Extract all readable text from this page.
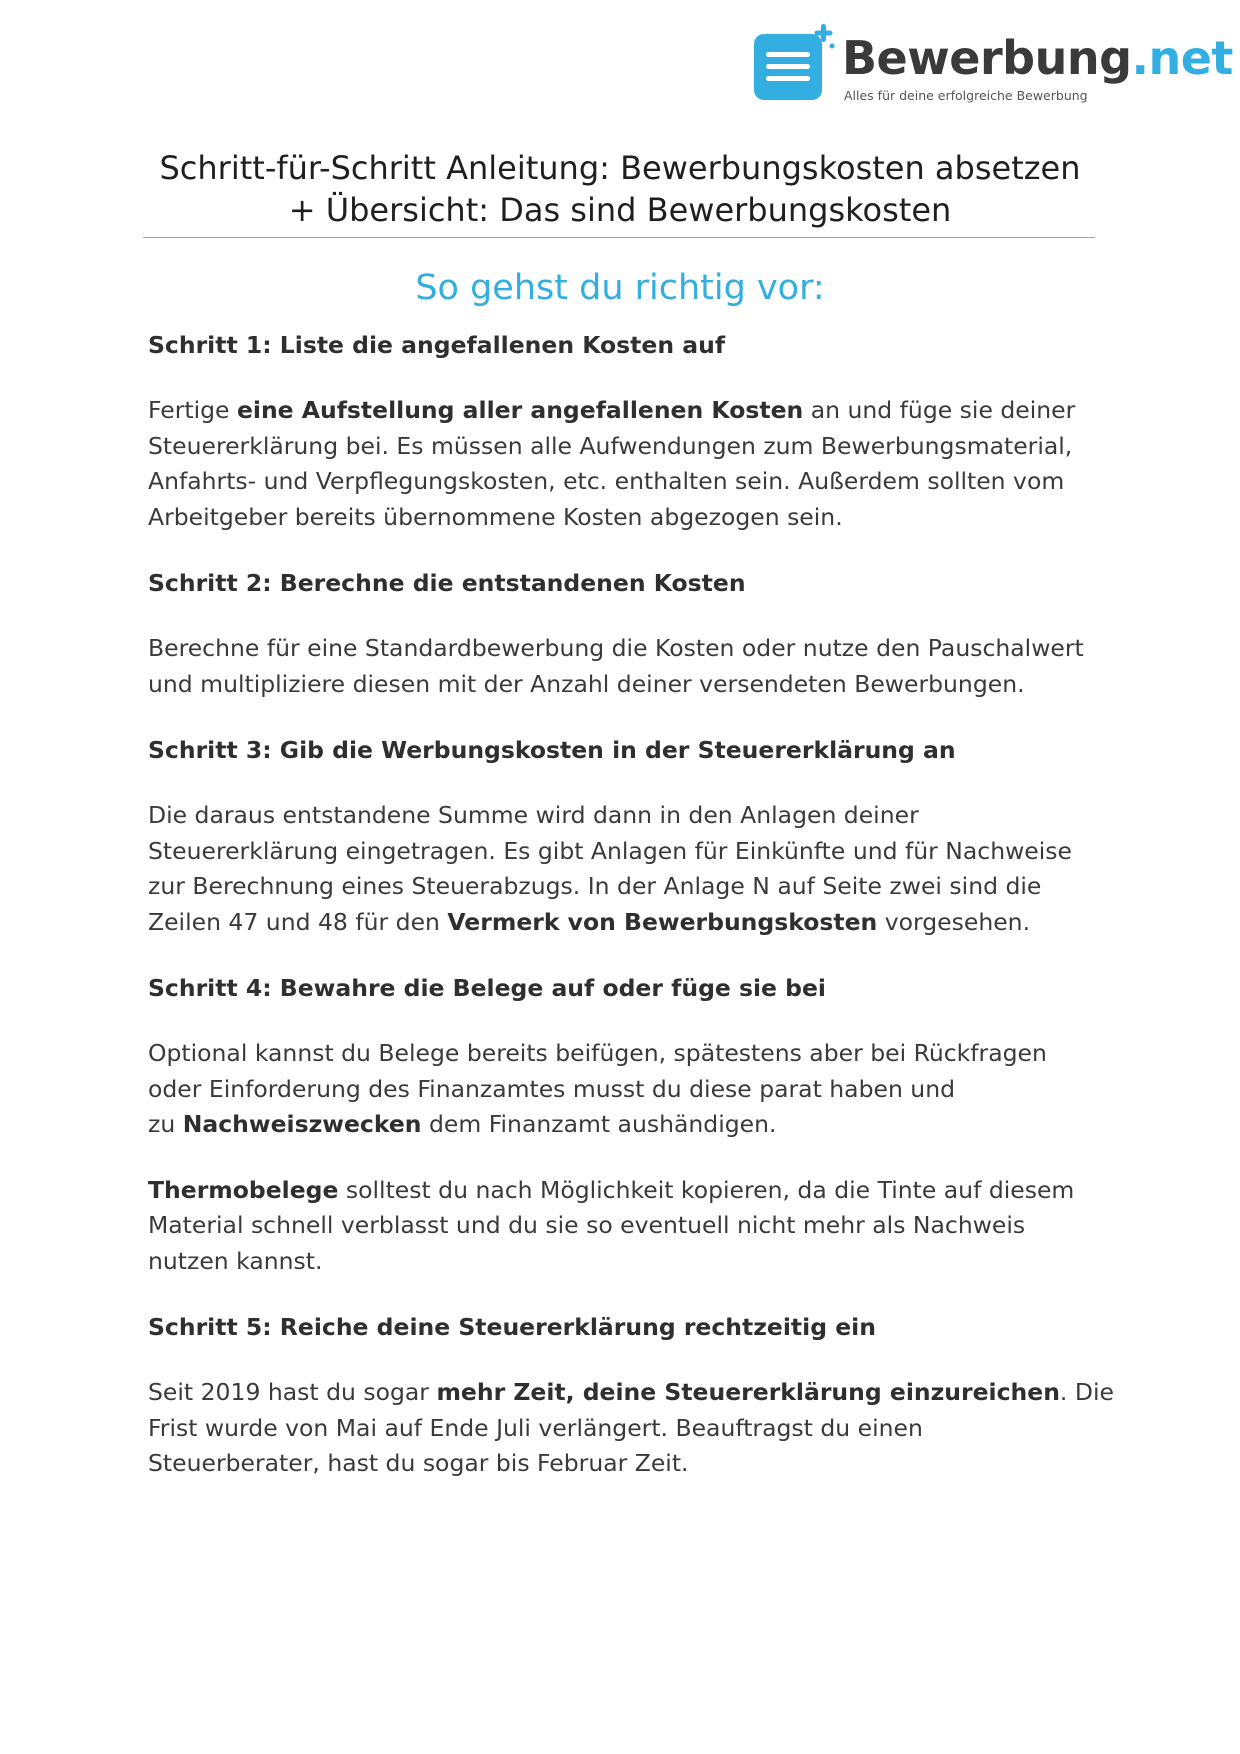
Bewerbung.net
Alles für deine erfolgreiche Bewerbung
Schritt-für-Schritt Anleitung: Bewerbungskosten absetzen
+ Übersicht: Das sind Bewerbungskosten
So gehst du richtig vor:
Schritt 1: Liste die angefallenen Kosten auf

Fertige eine Aufstellung aller angefallenen Kosten an und füge sie deiner
Steuererklärung bei. Es müssen alle Aufwendungen zum Bewerbungsmaterial,
Anfahrts- und Verpflegungskosten, etc. enthalten sein. Außerdem sollten vom
Arbeitgeber bereits übernommene Kosten abgezogen sein.

Schritt 2: Berechne die entstandenen Kosten

Berechne für eine Standardbewerbung die Kosten oder nutze den Pauschalwert
und multipliziere diesen mit der Anzahl deiner versendeten Bewerbungen.

Schritt 3: Gib die Werbungskosten in der Steuererklärung an

Die daraus entstandene Summe wird dann in den Anlagen deiner
Steuererklärung eingetragen. Es gibt Anlagen für Einkünfte und für Nachweise
zur Berechnung eines Steuerabzugs. In der Anlage N auf Seite zwei sind die
Zeilen 47 und 48 für den Vermerk von Bewerbungskosten vorgesehen.

Schritt 4: Bewahre die Belege auf oder füge sie bei

Optional kannst du Belege bereits beifügen, spätestens aber bei Rückfragen
oder Einforderung des Finanzamtes musst du diese parat haben und
zu Nachweiszwecken dem Finanzamt aushändigen.

Thermobelege solltest du nach Möglichkeit kopieren, da die Tinte auf diesem
Material schnell verblasst und du sie so eventuell nicht mehr als Nachweis
nutzen kannst.

Schritt 5: Reiche deine Steuererklärung rechtzeitig ein

Seit 2019 hast du sogar mehr Zeit, deine Steuererklärung einzureichen. Die
Frist wurde von Mai auf Ende Juli verlängert. Beauftragst du einen
Steuerberater, hast du sogar bis Februar Zeit.
